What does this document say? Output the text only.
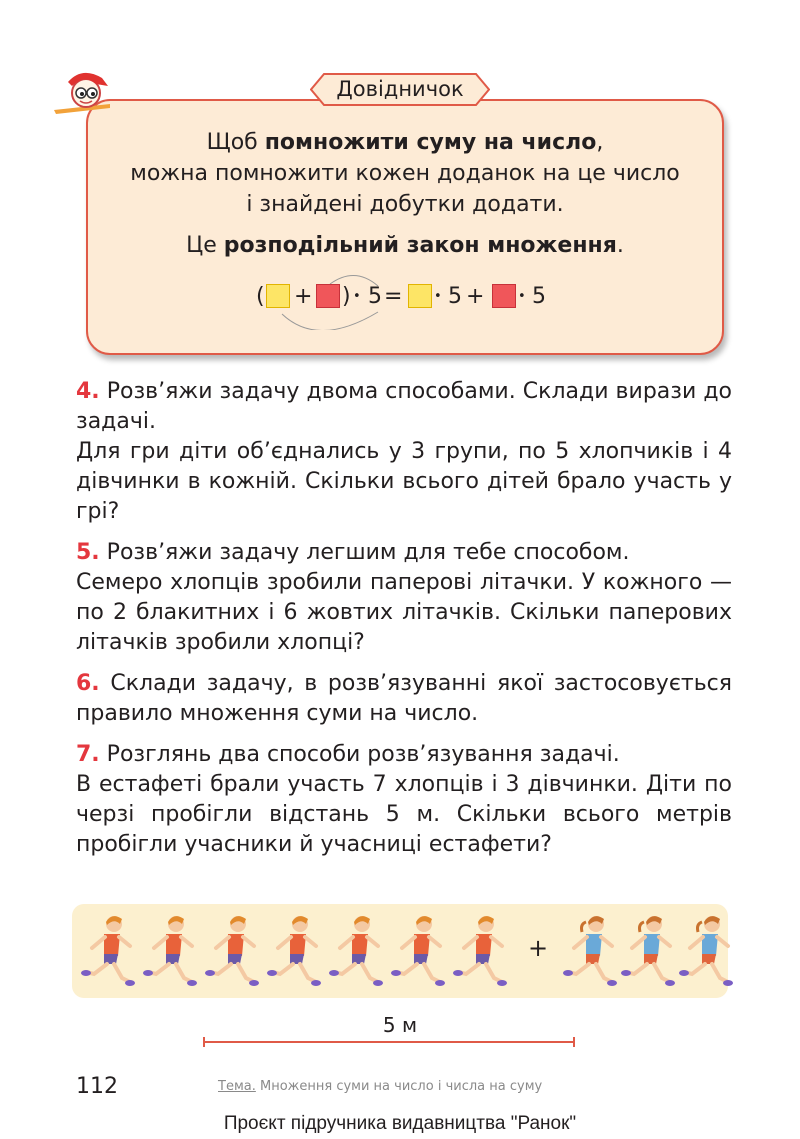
Довідничок

Щоб помножити суму на число,

можна помножити кожен доданок на це число

і знайдені добутки додати.

Це розподільний закон множення.

( + ) • 5 = • 5 +	• 5

4. Розв’яжи задачу двома способами. Склади вирази до задачі.

Для гри діти об’єднались у 3 групи, по 5 хлопчиків і 4 дівчинки в кожній. Скільки всього дітей брало участь у грі?

5. Розв’яжи задачу легшим для тебе способом.

Семеро хлопців зробили паперові літачки. У кожного — по 2 блакитних і 6 жовтих літачків. Скільки паперових літачків зробили хлопці?

6. Склади задачу, в розв’язуванні якої застосовується правило множення суми на число.

7. Розглянь два способи розв’язування задачі.

В естафеті брали участь 7 хлопців і 3 дівчинки. Діти по черзі пробігли відстань 5 м. Скільки всього метрів пробігли учасники й учасниці естафети?

+
5 м
112	Тема. Множення суми на число і числа на суму
Проєкт підручника видавництва "Ранок"
